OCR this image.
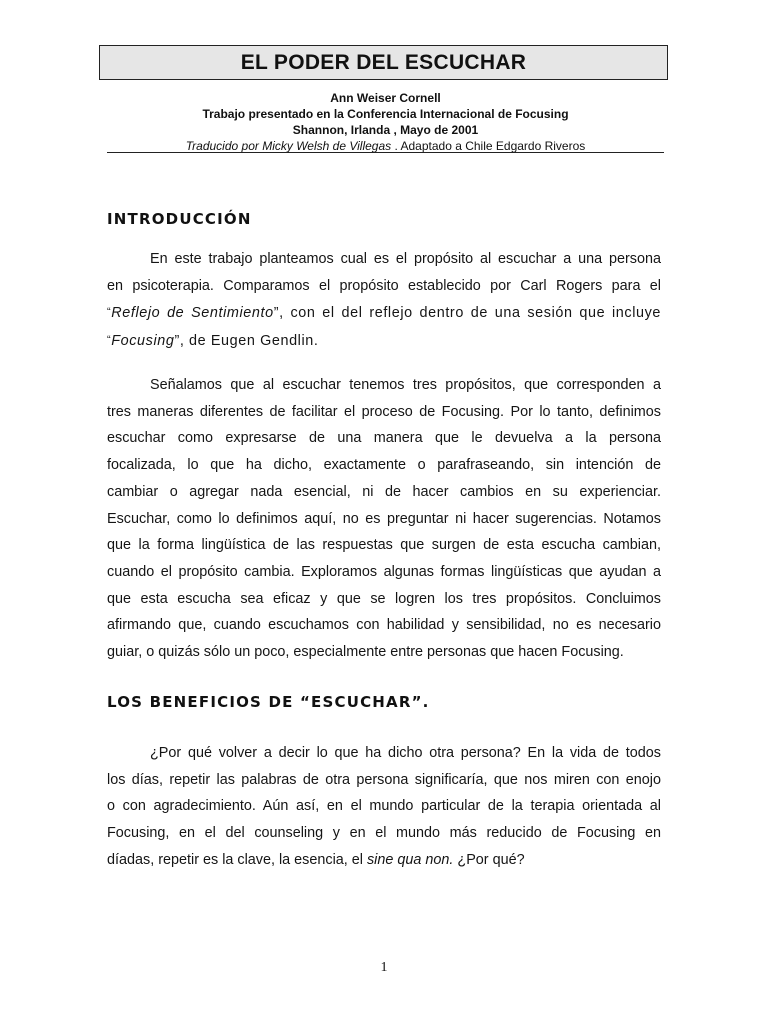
EL PODER DEL ESCUCHAR
Ann Weiser Cornell
Trabajo presentado en la Conferencia Internacional de Focusing
Shannon, Irlanda , Mayo de 2001
Traducido por Micky Welsh de Villegas . Adaptado a Chile Edgardo Riveros
INTRODUCCIÓN
En este trabajo planteamos cual es el propósito al escuchar a una persona
en psicoterapia. Comparamos el propósito establecido por Carl Rogers para el
“Reflejo de Sentimiento”, con el del reflejo dentro de una sesión que incluye
“Focusing”, de Eugen Gendlin.
Señalamos que al escuchar tenemos tres propósitos, que corresponden a
tres maneras diferentes de facilitar el proceso de Focusing. Por lo tanto, definimos
escuchar como expresarse de una manera que le devuelva a la persona
focalizada, lo que ha dicho, exactamente o parafraseando, sin intención de
cambiar o agregar nada esencial, ni de hacer cambios en su experienciar.
Escuchar, como lo definimos aquí, no es preguntar ni hacer sugerencias. Notamos
que la forma lingüística de las respuestas que surgen de esta escucha cambian,
cuando el propósito cambia. Exploramos algunas formas lingüísticas que ayudan a
que esta escucha sea eficaz y que se logren los tres propósitos. Concluimos
afirmando que, cuando escuchamos con habilidad y sensibilidad, no es necesario
guiar, o quizás sólo un poco, especialmente entre personas que hacen Focusing.
LOS BENEFICIOS DE “ESCUCHAR”.
¿Por qué volver a decir lo que ha dicho otra persona? En la vida de todos
los días, repetir las palabras de otra persona significaría, que nos miren con enojo
o con agradecimiento. Aún así, en el mundo particular de la terapia orientada al
Focusing, en el del counseling y en el mundo más reducido de Focusing en
díadas, repetir es la clave, la esencia, el sine qua non. ¿Por qué?
1
